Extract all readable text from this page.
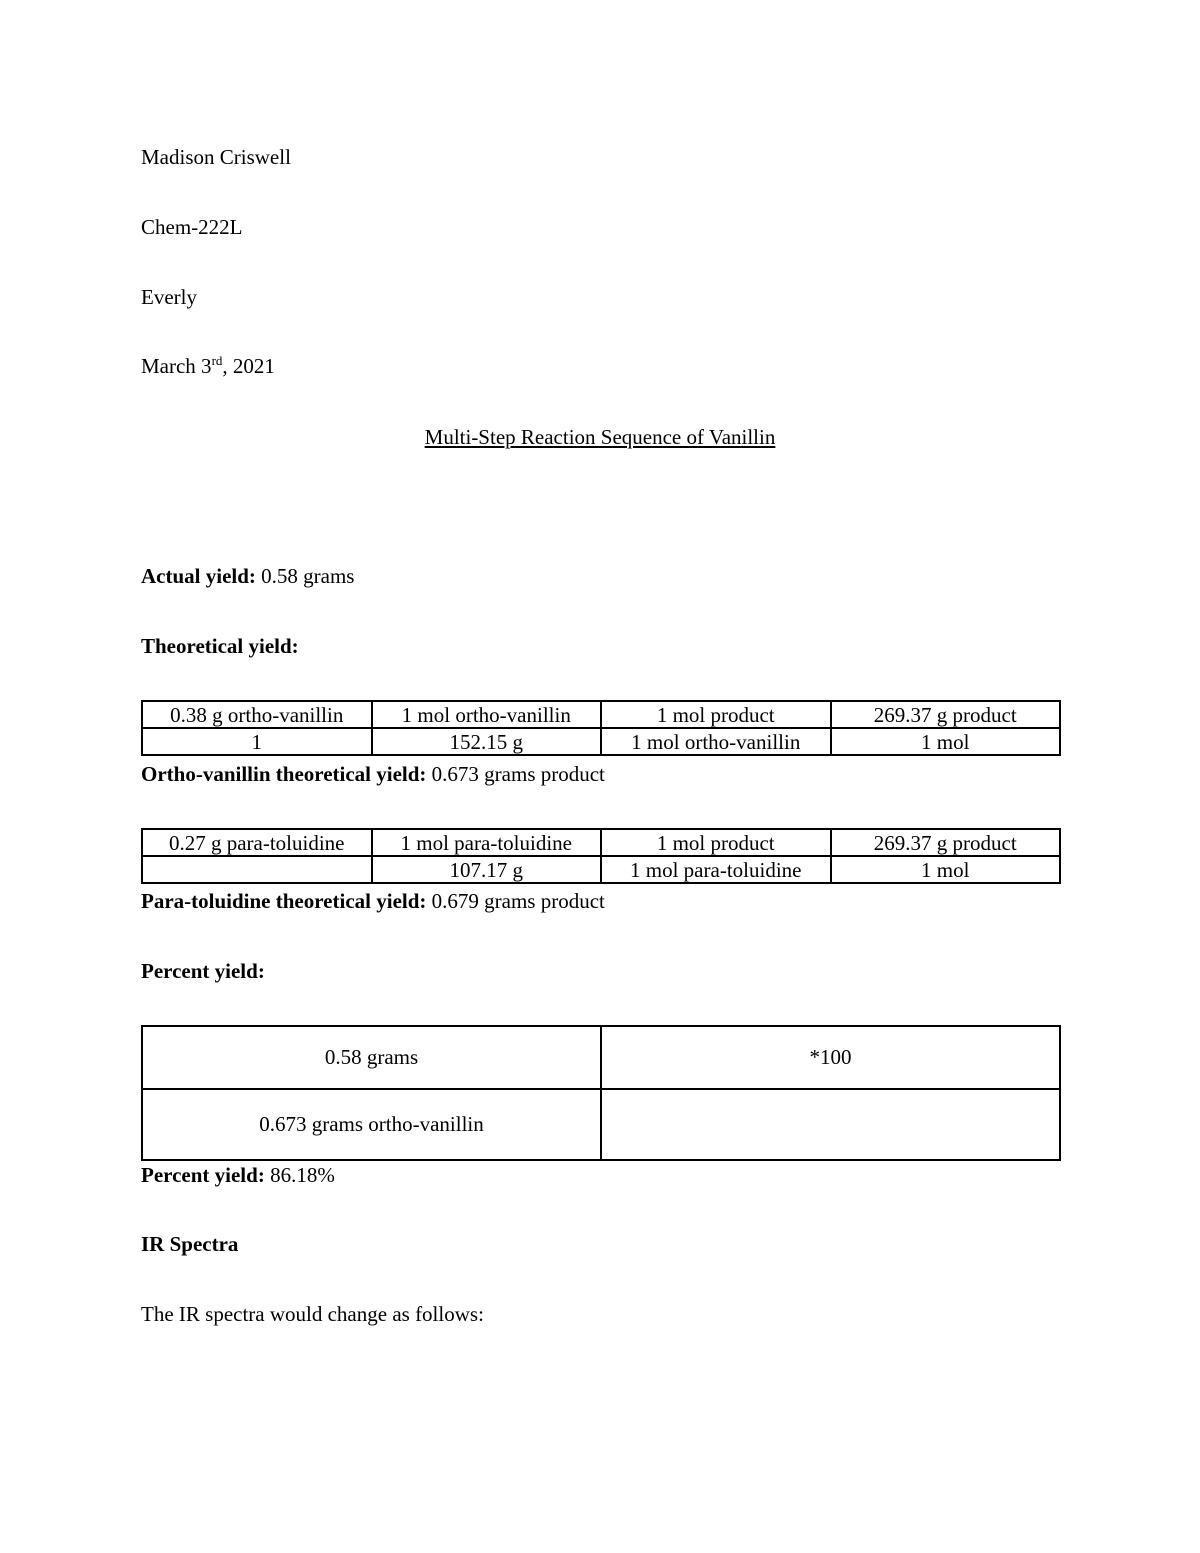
Madison Criswell
Chem-222L
Everly
March 3rd, 2021
Multi-Step Reaction Sequence of Vanillin
Actual yield: 0.58 grams
Theoretical yield:
0.38 g ortho-vanillin	1 mol ortho-vanillin	1 mol product	269.37 g product
1	152.15 g	1 mol ortho-vanillin	1 mol
Ortho-vanillin theoretical yield: 0.673 grams product
0.27 g para-toluidine	1 mol para-toluidine	1 mol product	269.37 g product
	107.17 g	1 mol para-toluidine	1 mol
Para-toluidine theoretical yield: 0.679 grams product
Percent yield:
0.58 grams	*100
0.673 grams ortho-vanillin	
Percent yield: 86.18%
IR Spectra
The IR spectra would change as follows:
